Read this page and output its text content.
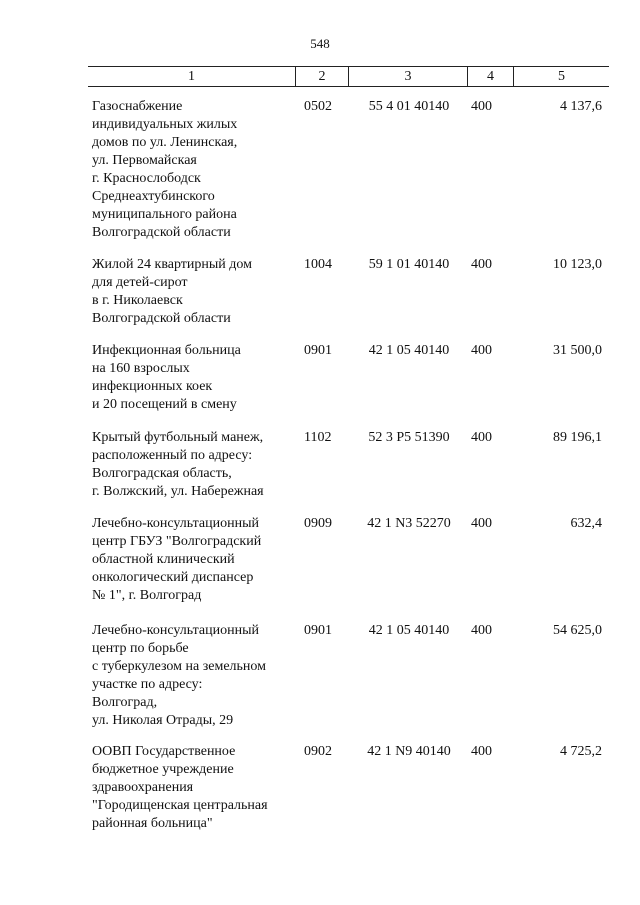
548
1	2	3	4	5
Газоснабжение
индивидуальных жилых
домов по ул. Ленинская,
ул. Первомайская
г. Краснослободск
Среднеахтубинского
муниципального района
Волгоградской области
0502	55 4 01 40140	400	4 137,6
Жилой 24 квартирный дом
для детей-сирот
в г. Николаевск
Волгоградской области
1004	59 1 01 40140	400	10 123,0
Инфекционная больница
на 160 взрослых
инфекционных коек
и 20 посещений в смену
0901	42 1 05 40140	400	31 500,0
Крытый футбольный манеж,
расположенный по адресу:
Волгоградская область,
г. Волжский, ул. Набережная
1102	52 3 P5 51390	400	89 196,1
Лечебно-консультационный
центр ГБУЗ "Волгоградский
областной клинический
онкологический диспансер
№ 1", г. Волгоград
0909	42 1 N3 52270	400	632,4
Лечебно-консультационный
центр по борьбе
с туберкулезом на земельном
участке по адресу:
Волгоград,
ул. Николая Отрады, 29
0901	42 1 05 40140	400	54 625,0
ООВП Государственное
бюджетное учреждение
здравоохранения
"Городищенская центральная
районная больница"
0902	42 1 N9 40140	400	4 725,2
